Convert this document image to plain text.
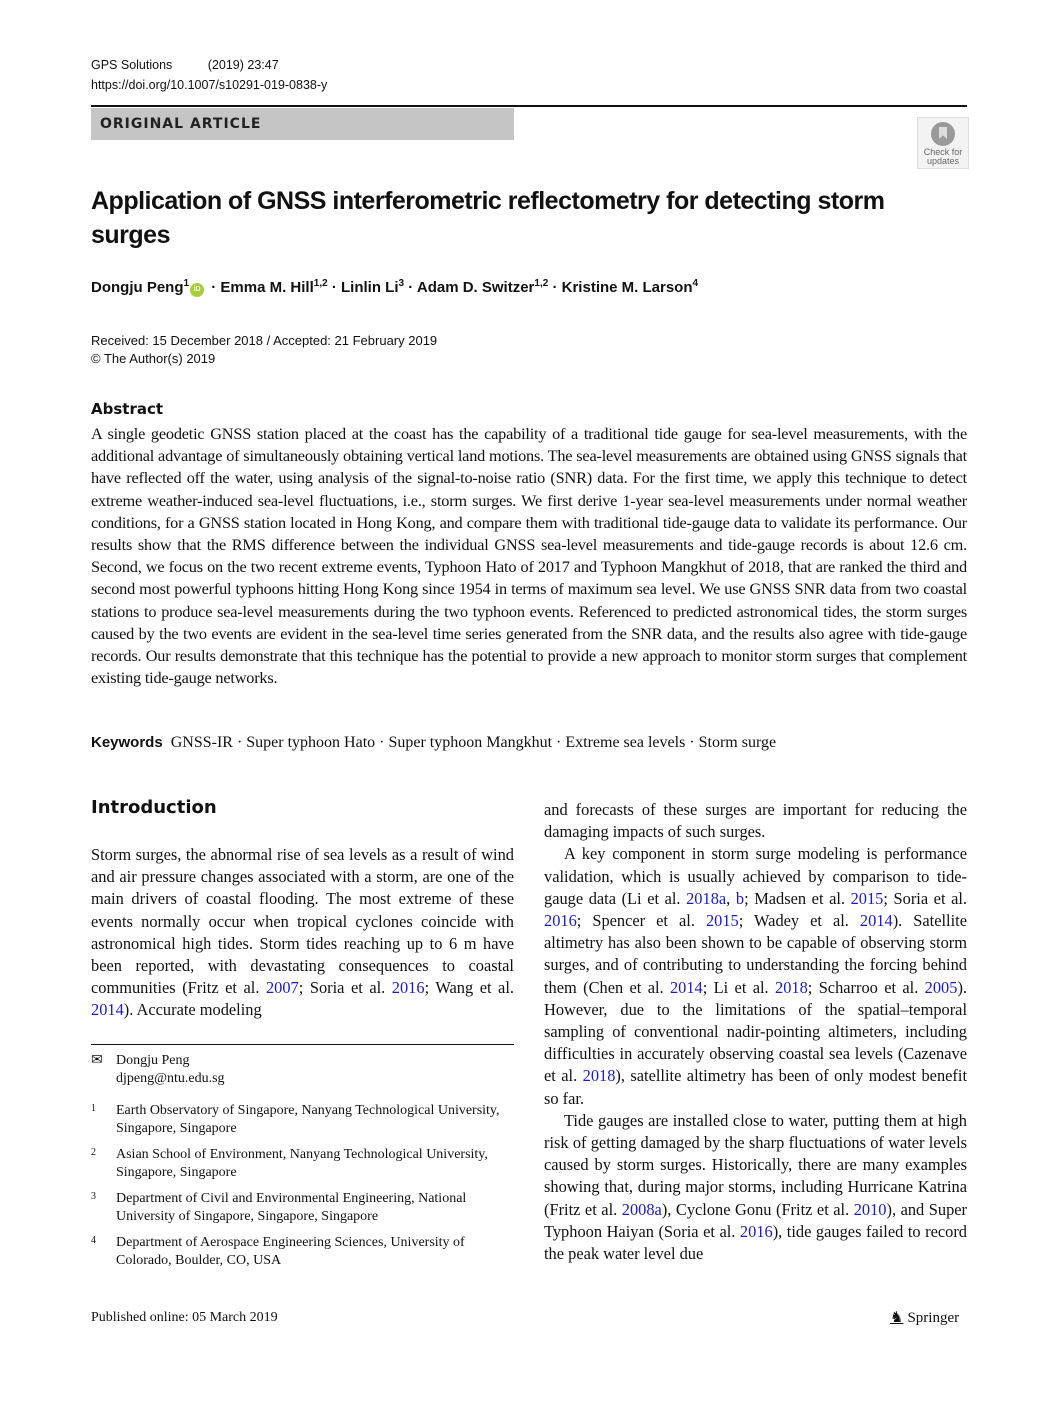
GPS Solutions	(2019) 23:47
https://doi.org/10.1007/s10291-019-0838-y
ORIGINAL ARTICLE
Check for
updates
Application of GNSS interferometric reflectometry for detecting storm surges
Dongju Peng$^1$iD · Emma M. Hill$^{1,2}$ · Linlin $Li^3$ · Adam D. Switzer$^{1,2}$ · Kristine M. Larson$^4$
Received: 15 December 2018 / Accepted: 21 February 2019
© The Author(s) 2019
Abstract
A single geodetic GNSS station placed at the coast has the capability of a traditional tide gauge for sea-level measurements, with the additional advantage of simultaneously obtaining vertical land motions. The sea-level measurements are obtained using GNSS signals that have reflected off the water, using analysis of the signal-to-noise ratio (SNR) data. For the first time, we apply this technique to detect extreme weather-induced sea-level fluctuations, i.e., storm surges. We first derive 1-year sea-level measurements under normal weather conditions, for a GNSS station located in Hong Kong, and compare them with traditional tide-gauge data to validate its performance. Our results show that the RMS difference between the individual GNSS sea-level measurements and tide-gauge records is about 12.6 cm. Second, we focus on the two recent extreme events, Typhoon Hato of 2017 and Typhoon Mangkhut of 2018, that are ranked the third and second most powerful typhoons hitting Hong Kong since 1954 in terms of maximum sea level. We use GNSS SNR data from two coastal stations to produce sea-level measurements during the two typhoon events. Referenced to predicted astronomical tides, the storm surges caused by the two events are evident in the sea-level time series generated from the SNR data, and the results also agree with tide-gauge records. Our results demonstrate that this technique has the potential to provide a new approach to monitor storm surges that complement existing tide-gauge networks.
Keywords GNSS-IR · Super typhoon Hato · Super typhoon Mangkhut · Extreme sea levels · Storm surge
Introduction

Storm surges, the abnormal rise of sea levels as a result of wind and air pressure changes associated with a storm, are one of the main drivers of coastal flooding. The most extreme of these events normally occur when tropical cyclones coincide with astronomical high tides. Storm tides reaching up to 6 m have been reported, with devastating consequences to coastal communities (Fritz et al. 2007; Soria et al. 2016; Wang et al. 2014). Accurate modeling

and forecasts of these surges are important for reducing the damaging impacts of such surges.

A key component in storm surge modeling is performance validation, which is usually achieved by comparison to tide-gauge data (Li et al. 2018a, b; Madsen et al. 2015; Soria et al. 2016; Spencer et al. 2015; Wadey et al. 2014). Satellite altimetry has also been shown to be capable of observing storm surges, and of contributing to understanding the forcing behind them (Chen et al. 2014; Li et al. 2018; Scharroo et al. 2005). However, due to the limitations of the spatial–temporal sampling of conventional nadir-pointing altimeters, including difficulties in accurately observing coastal sea levels (Cazenave et al. 2018), satellite altimetry has been of only modest benefit so far.

Tide gauges are installed close to water, putting them at high risk of getting damaged by the sharp fluctuations of water levels caused by storm surges. Historically, there are many examples showing that, during major storms, including Hurricane Katrina (Fritz et al. 2008a), Cyclone Gonu (Fritz et al. 2010), and Super Typhoon Haiyan (Soria et al. 2016), tide gauges failed to record the peak water level due

✉ Dongju Peng
djpeng@ntu.edu.sg
1	Earth Observatory of Singapore, Nanyang Technological University, Singapore, Singapore
2	Asian School of Environment, Nanyang Technological University, Singapore, Singapore
3	Department of Civil and Environmental Engineering, National University of Singapore, Singapore, Singapore
4	Department of Aerospace Engineering Sciences, University of Colorado, Boulder, CO, USA
Published online: 05 March 2019	♞ Springer
